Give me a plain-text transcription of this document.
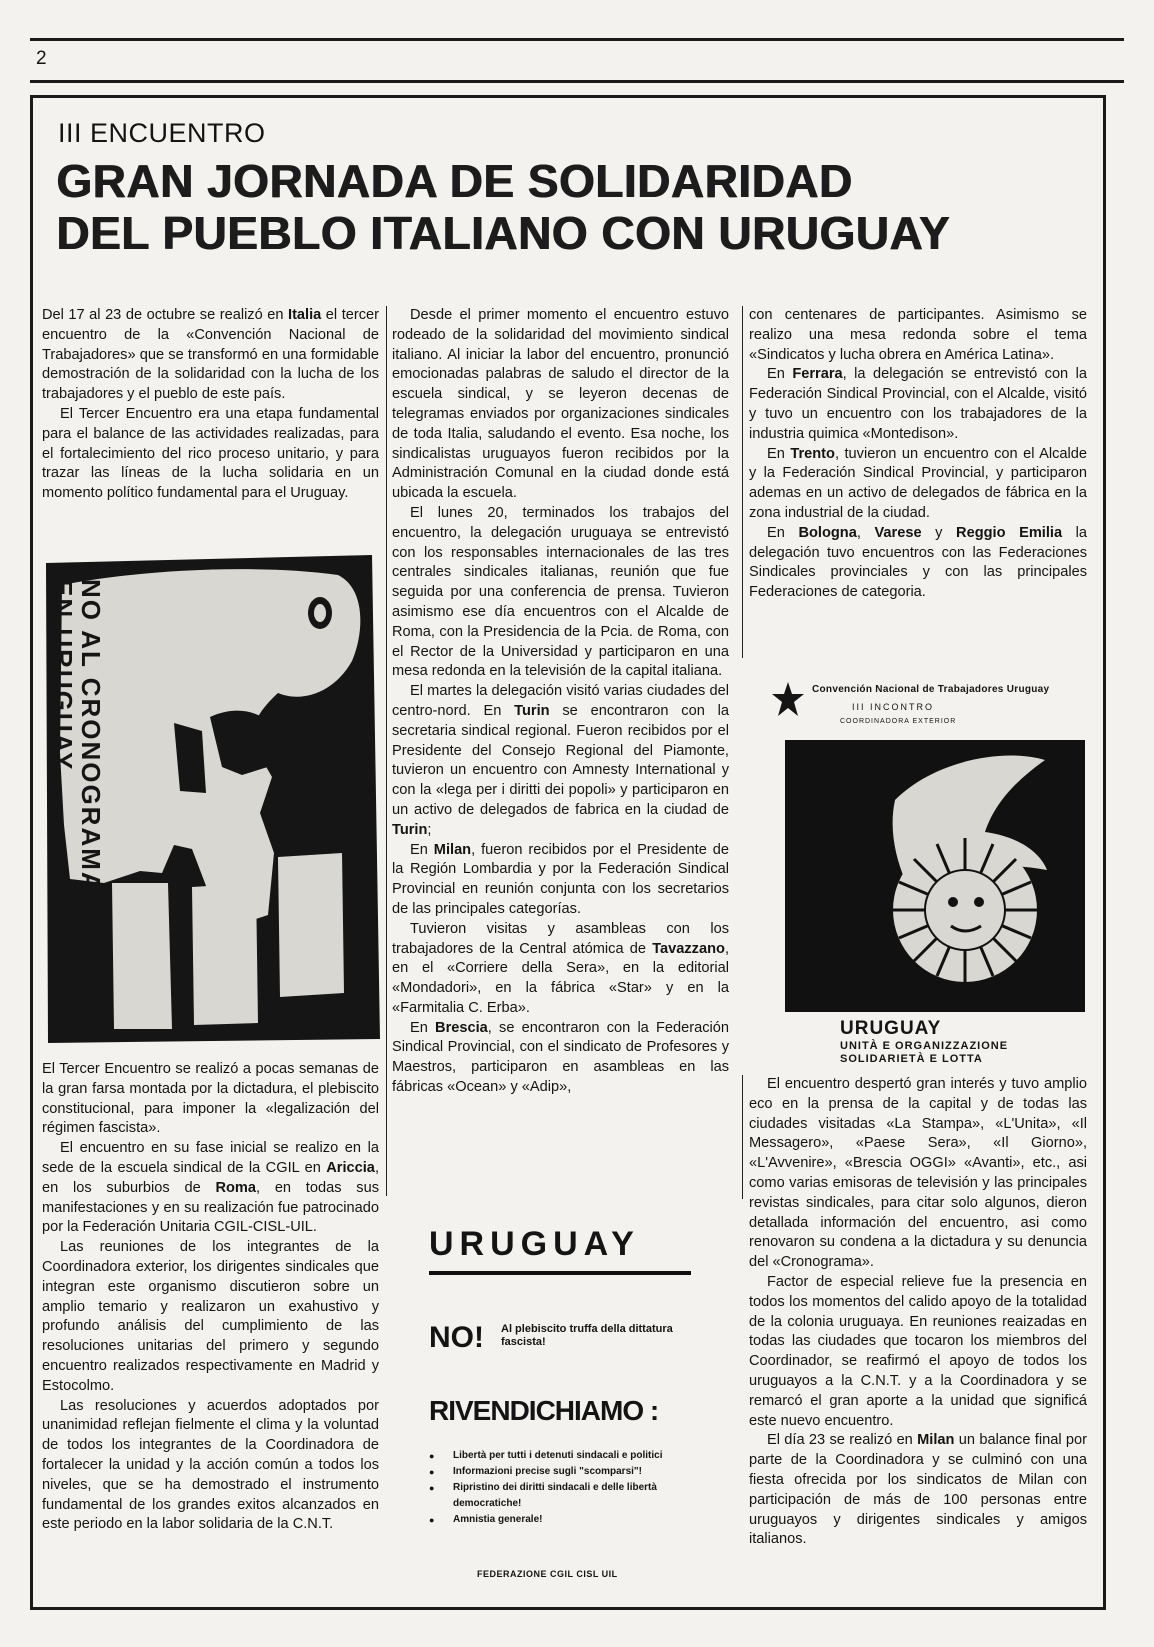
2
III ENCUENTRO
GRAN JORNADA DE SOLIDARIDAD
DEL PUEBLO ITALIANO CON URUGUAY

Del 17 al 23 de octubre se realizó en Italia el tercer encuentro de la «Convención Nacional de Trabajadores» que se transformó en una formidable demostración de la solidaridad con la lucha de los trabajadores y el pueblo de este país.

El Tercer Encuentro era una etapa fundamental para el balance de las actividades realizadas, para el fortalecimiento del rico proceso unitario, y para trazar las líneas de la lucha solidaria en un momento político fundamental para el Uruguay.

NO AL CRONOGRAMA
EN URUGUAY

El Tercer Encuentro se realizó a pocas semanas de la gran farsa montada por la dictadura, el plebiscito constitucional, para imponer la «legalización del régimen fascista».

El encuentro en su fase inicial se realizo en la sede de la escuela sindical de la CGIL en Ariccia, en los suburbios de Roma, en todas sus manifestaciones y en su realización fue patrocinado por la Federación Unitaria CGIL-CISL-UIL.

Las reuniones de los integrantes de la Coordinadora exterior, los dirigentes sindicales que integran este organismo discutieron sobre un amplio temario y realizaron un exahustivo y profundo análisis del cumplimiento de las resoluciones unitarias del primero y segundo encuentro realizados respectivamente en Madrid y Estocolmo.

Las resoluciones y acuerdos adoptados por unanimidad reflejan fielmente el clima y la voluntad de todos los integrantes de la Coordinadora de fortalecer la unidad y la acción común a todos los niveles, que se ha demostrado el instrumento fundamental de los grandes exitos alcanzados en este periodo en la labor solidaria de la C.N.T.

Desde el primer momento el encuentro estuvo rodeado de la solidaridad del movimiento sindical italiano. Al iniciar la labor del encuentro, pronunció emocionadas palabras de saludo el director de la escuela sindical, y se leyeron decenas de telegramas enviados por organizaciones sindicales de toda Italia, saludando el evento. Esa noche, los sindicalistas uruguayos fueron recibidos por la Administración Comunal en la ciudad donde está ubicada la escuela.

El lunes 20, terminados los trabajos del encuentro, la delegación uruguaya se entrevistó con los responsables internacionales de las tres centrales sindicales italianas, reunión que fue seguida por una conferencia de prensa. Tuvieron asimismo ese día encuentros con el Alcalde de Roma, con la Presidencia de la Pcia. de Roma, con el Rector de la Universidad y participaron en una mesa redonda en la televisión de la capital italiana.

El martes la delegación visitó varias ciudades del centro-nord. En Turin se encontraron con la secretaria sindical regional. Fueron recibidos por el Presidente del Consejo Regional del Piamonte, tuvieron un encuentro con Amnesty International y con la «lega per i diritti dei popoli» y participaron en un activo de delegados de fabrica en la ciudad de Turin;

En Milan, fueron recibidos por el Presidente de la Región Lombardia y por la Federación Sindical Provincial en reunión conjunta con los secretarios de las principales categorías.

Tuvieron visitas y asambleas con los trabajadores de la Central atómica de Tavazzano, en el «Corriere della Sera», en la editorial «Mondadori», en la fábrica «Star» y en la «Farmitalia C. Erba».

En Brescia, se encontraron con la Federación Sindical Provincial, con el sindicato de Profesores y Maestros, participaron en asambleas en las fábricas «Ocean» y «Adip»,

URUGUAY
NO! Al plebiscito truffa della dittatura fascista!
RIVENDICHIAMO :
● Libertà per tutti i detenuti sindacali e politici
● Informazioni precise sugli "scomparsi"!
● Ripristino dei diritti sindacali e delle libertà democratiche!
● Amnistia generale!
FEDERAZIONE CGIL CISL UIL

con centenares de participantes. Asimismo se realizo una mesa redonda sobre el tema «Sindicatos y lucha obrera en América Latina».

En Ferrara, la delegación se entrevistó con la Federación Sindical Provincial, con el Alcalde, visitó y tuvo un encuentro con los trabajadores de la industria quimica «Montedison».

En Trento, tuvieron un encuentro con el Alcalde y la Federación Sindical Provincial, y participaron ademas en un activo de delegados de fábrica en la zona industrial de la ciudad.

En Bologna, Varese y Reggio Emilia la delegación tuvo encuentros con las Federaciones Sindicales provinciales y con las principales Federaciones de categoria.

Convención Nacional de Trabajadores Uruguay
III INCONTRO
COORDINADORA EXTERIOR
URUGUAY
UNITÀ E ORGANIZZAZIONE
SOLIDARIETÀ E LOTTA

El encuentro despertó gran interés y tuvo amplio eco en la prensa de la capital y de todas las ciudades visitadas «La Stampa», «L'Unita», «Il Messagero», «Paese Sera», «Il Giorno», «L'Avvenire», «Brescia OGGI» «Avanti», etc., asi como varias emisoras de televisión y las principales revistas sindicales, para citar solo algunos, dieron detallada información del encuentro, asi como renovaron su condena a la dictadura y su denuncia del «Cronograma».

Factor de especial relieve fue la presencia en todos los momentos del calido apoyo de la totalidad de la colonia uruguaya. En reuniones reaizadas en todas las ciudades que tocaron los miembros del Coordinador, se reafirmó el apoyo de todos los uruguayos a la C.N.T. y a la Coordinadora y se remarcó el gran aporte a la unidad que significá este nuevo encuentro.

El día 23 se realizó en Milan un balance final por parte de la Coordinadora y se culminó con una fiesta ofrecida por los sindicatos de Milan con participación de más de 100 personas entre uruguayos y dirigentes sindicales y amigos italianos.
